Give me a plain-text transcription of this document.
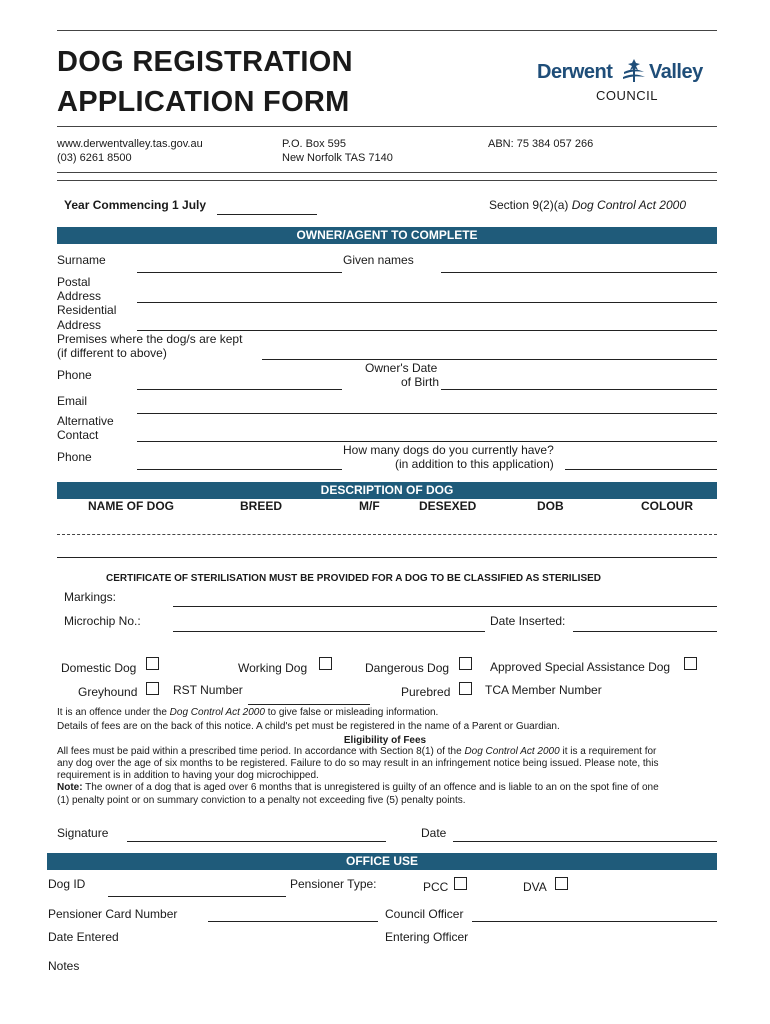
DOG REGISTRATION
APPLICATION FORM
Derwent Valley
COUNCIL
www.derwentvalley.tas.gov.au
(03) 6261 8500
P.O. Box 595
New Norfolk TAS 7140
ABN: 75 384 057 266
Year Commencing 1 July	Section 9(2)(a) Dog Control Act 2000
OWNER/AGENT TO COMPLETE
Surname	Given names
Postal
Address
Residential
Address
Premises where the dog/s are kept
(if different to above)
Phone	Owner's Date
of Birth
Email
Alternative
Contact
Phone	How many dogs do you currently have?
(in addition to this application)
DESCRIPTION OF DOG
NAME OF DOG	BREED	M/F	DESEXED	DOB	COLOUR
CERTIFICATE OF STERILISATION MUST BE PROVIDED FOR A DOG TO BE CLASSIFIED AS STERILISED
Markings:
Microchip No.:	Date Inserted:
Domestic Dog	Working Dog	Dangerous Dog	Approved Special Assistance Dog
Greyhound	RST Number	Purebred	TCA Member Number
It is an offence under the Dog Control Act 2000 to give false or misleading information.
Details of fees are on the back of this notice. A child's pet must be registered in the name of a Parent or Guardian.
Eligibility of Fees
All fees must be paid within a prescribed time period. In accordance with Section 8(1) of the Dog Control Act 2000 it is a requirement for
any dog over the age of six months to be registered. Failure to do so may result in an infringement notice being issued. Please note, this
requirement is in addition to having your dog microchipped.
Note: The owner of a dog that is aged over 6 months that is unregistered is guilty of an offence and is liable to an on the spot fine of one
(1) penalty point or on summary conviction to a penalty not exceeding five (5) penalty points.
Signature	Date
OFFICE USE
Dog ID	Pensioner Type:	PCC	DVA
Pensioner Card Number	Council Officer
Date Entered	Entering Officer
Notes
